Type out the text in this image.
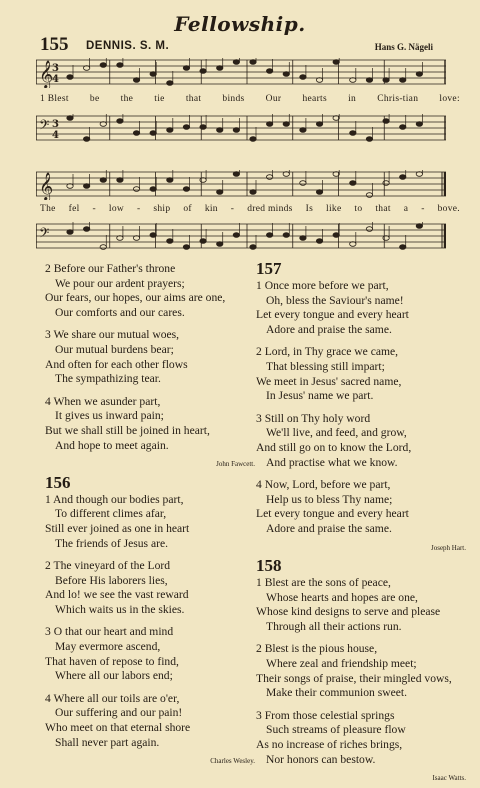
Fellowship.
155 DENNIS. S. M.	Hans G. Nägeli
𝄞
3
4
1 Blest be the tie that binds Our hearts in Chris-tian love:
𝄢 3
4
𝄞
The fel - low - ship of kin - dred minds Is like to that a - bove.
𝄢
2 Before our Father's throne
We pour our ardent prayers;
Our fears, our hopes, our aims are one,
Our comforts and our cares.
3 We share our mutual woes,
Our mutual burdens bear;
And often for each other flows
The sympathizing tear.
4 When we asunder part,
It gives us inward pain;
But we shall still be joined in heart,
And hope to meet again.
John Fawcett.
156
1 And though our bodies part,
To different climes afar,
Still ever joined as one in heart
The friends of Jesus are.
2 The vineyard of the Lord
Before His laborers lies,
And lo! we see the vast reward
Which waits us in the skies.
3 O that our heart and mind
May evermore ascend,
That haven of repose to find,
Where all our labors end;
4 Where all our toils are o'er,
Our suffering and our pain!
Who meet on that eternal shore
Shall never part again.
Charles Wesley.
157
1 Once more before we part,
Oh, bless the Saviour's name!
Let every tongue and every heart
Adore and praise the same.
2 Lord, in Thy grace we came,
That blessing still impart;
We meet in Jesus' sacred name,
In Jesus' name we part.
3 Still on Thy holy word
We'll live, and feed, and grow,
And still go on to know the Lord,
And practise what we know.
4 Now, Lord, before we part,
Help us to bless Thy name;
Let every tongue and every heart
Adore and praise the same.
Joseph Hart.
158
1 Blest are the sons of peace,
Whose hearts and hopes are one,
Whose kind designs to serve and please
Through all their actions run.
2 Blest is the pious house,
Where zeal and friendship meet;
Their songs of praise, their mingled vows,
Make their communion sweet.
3 From those celestial springs
Such streams of pleasure flow
As no increase of riches brings,
Nor honors can bestow.
Isaac Watts.
